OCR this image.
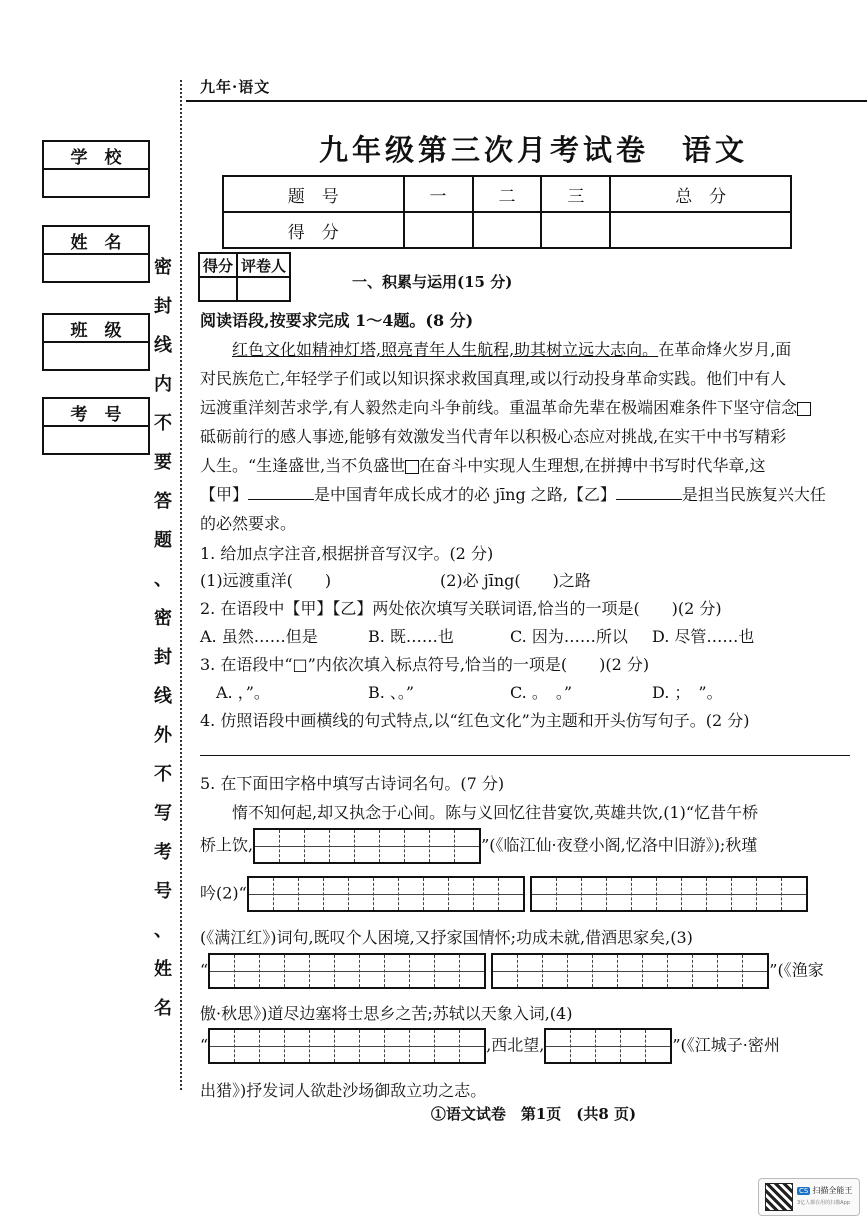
九年·语文
学　校
姓　名
班　级
考　号
密
封
线
内
不
要
答
题
、
密
封
线
外
不
写
考
号
、
姓
名
九年级第三次月考试卷　语文
题　号	一	二	三	总　分
得　分				
得分	评卷人

一、积累与运用(15 分)
阅读语段,按要求完成 1～4题。(8 分)
红色文化如精神灯塔,照亮青年人生航程,助其树立远大志向。在革命烽火岁月,面
对民族危亡,年轻学子们或以知识探求救国真理,或以行动投身革命实践。他们中有人
远渡重洋刻苦求学,有人毅然走向斗争前线。重温革命先辈在极端困难条件下坚守信念
砥砺前行的感人事迹,能够有效激发当代青年以积极心态应对挑战,在实干中书写精彩
人生。“生逢盛世,当不负盛世 在奋斗中实现人生理想,在拼搏中书写时代华章,这
【甲】	是中国青年成长成才的必 jīng 之路,【乙】	是担当民族复兴大任
的必然要求。
1. 给加点字注音,根据拼音写汉字。(2 分)
(1)远渡重洋(　　)	(2)必 jīng(　　)之路
2. 在语段中【甲】【乙】两处依次填写关联词语,恰当的一项是(　　)(2 分)
A. 虽然……但是	B. 既……也	C. 因为……所以 D. 尽管……也
3. 在语段中“□”内依次填入标点符号,恰当的一项是(　　)(2 分)
A. ，”。	B. 、。”	C. 。　。”	D. ；　”。
4. 仿照语段中画横线的句式特点,以“红色文化”为主题和开头仿写句子。(2 分)
5. 在下面田字格中填写古诗词名句。(7 分)
惰不知何起,却又执念于心间。陈与义回忆往昔宴饮,英雄共饮,(1)“忆昔午桥
桥上饮,	”(《临江仙·夜登小阁,忆洛中旧游》);秋瑾
吟(2)“

(《满江红》)词句,既叹个人困境,又抒家国情怀;功成未就,借酒思家矣,(3)
“
	”(《渔家
傲·秋思》)道尽边塞将士思乡之苦;苏轼以天象入词,(4)
“	,西北望,	”(《江城子·密州
出猎》)抒发词人欲赴沙场御敌立功之志。
①语文试卷　第1页　(共8 页)
CS 扫描全能王
3亿人都在用的扫描App
